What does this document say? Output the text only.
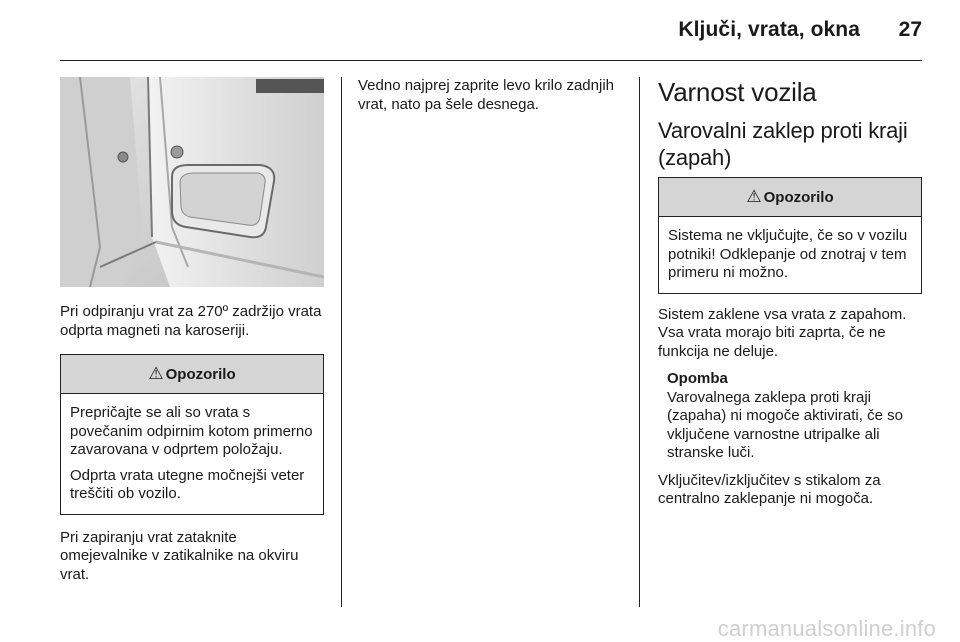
Ključi, vrata, okna	27

Pri odpiranju vrat za 270º zadržijo vrata odprta magneti na karoseriji.

⚠ Opozorilo

Prepričajte se ali so vrata s povečanim odpirnim kotom primerno zavarovana v odprtem položaju.

Odprta vrata utegne močnejši veter treščiti ob vozilo.

Pri zapiranju vrat zataknite omejevalnike v zatikalnike na okviru vrat.

Vedno najprej zaprite levo krilo zadnjih vrat, nato pa šele desnega.	Varnost vozila
Varovalni zaklep proti kraji (zapah)
⚠ Opozorilo

Sistema ne vključujte, če so v vozilu potniki! Odklepanje od znotraj v tem primeru ni možno.

Sistem zaklene vsa vrata z zapahom. Vsa vrata morajo biti zaprta, če ne funkcija ne deluje.

Opomba
Varovalnega zaklepa proti kraji (zapaha) ni mogoče aktivirati, če so vključene varnostne utripalke ali stranske luči.

Vključitev/izključitev s stikalom za centralno zaklepanje ni mogoča.

carmanualsonline.info
